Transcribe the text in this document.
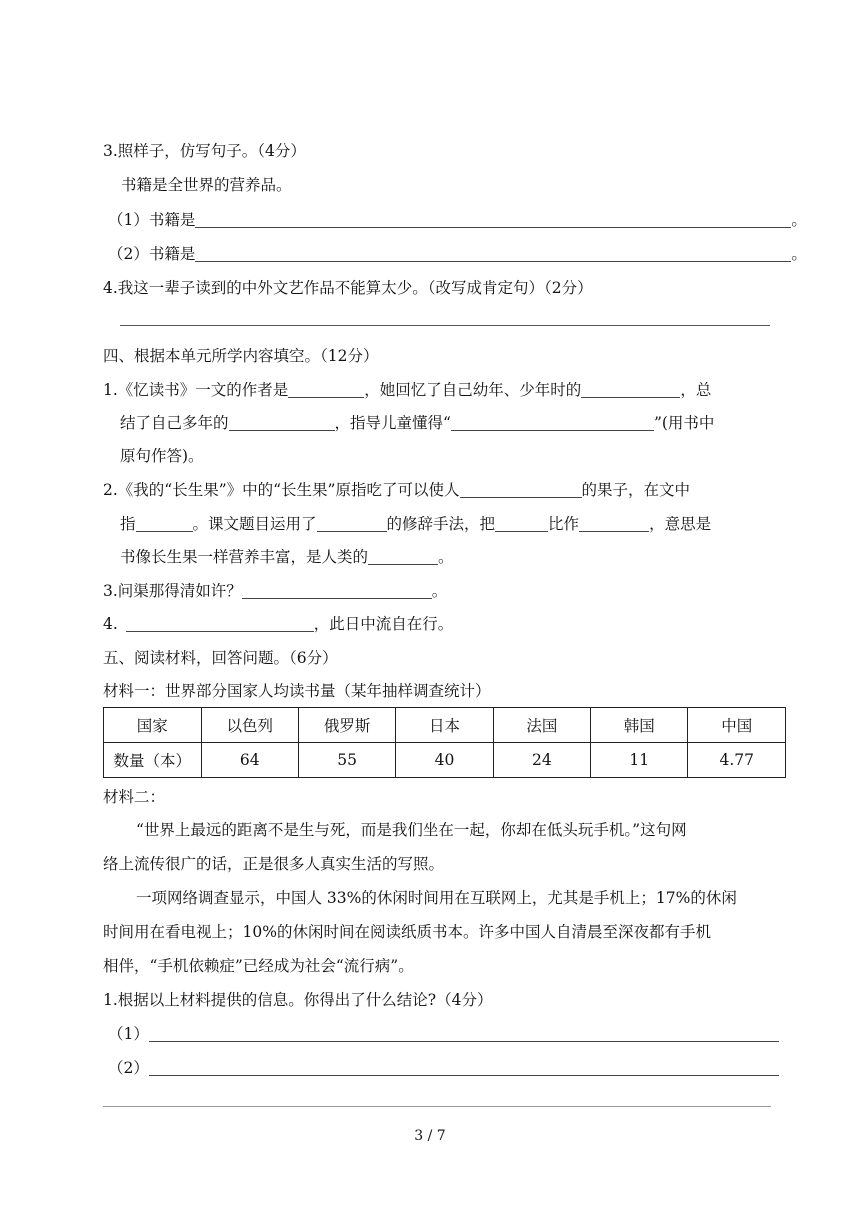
3.照样子，仿写句子。（4分）
书籍是全世界的营养品。
（1）书籍是	。
（2）书籍是	。
4.我这一辈子读到的中外文艺作品不能算太少。（改写成肯定句）（2分）
四、根据本单元所学内容填空。（12分）
1.《忆读书》一文的作者是	，她回忆了自己幼年、少年时的	，总
结了自己多年的	，指导儿童懂得“	”(用书中
原句作答)。
2.《我的“长生果”》中的“长生果”原指吃了可以使人	的果子，在文中
指	。课文题目运用了	的修辞手法，把	比作	，意思是
书像长生果一样营养丰富，是人类的	。
3.问渠那得清如许？	。
4.	，此日中流自在行。
五、阅读材料，回答问题。（6分）
材料一：世界部分国家人均读书量（某年抽样调查统计）
国家	以色列	俄罗斯	日本	法国	韩国	中国
数量（本）	64	55	40	24	11	4.77
材料二：
“世界上最远的距离不是生与死，而是我们坐在一起，你却在低头玩手机。”这句网
络上流传很广的话，正是很多人真实生活的写照。
一项网络调查显示，中国人 33%的休闲时间用在互联网上，尤其是手机上；17%的休闲
时间用在看电视上；10%的休闲时间在阅读纸质书本。许多中国人自清晨至深夜都有手机
相伴，“手机依赖症”已经成为社会“流行病”。
1.根据以上材料提供的信息。你得出了什么结论?（4分）
（1）
（2）
3 / 7
